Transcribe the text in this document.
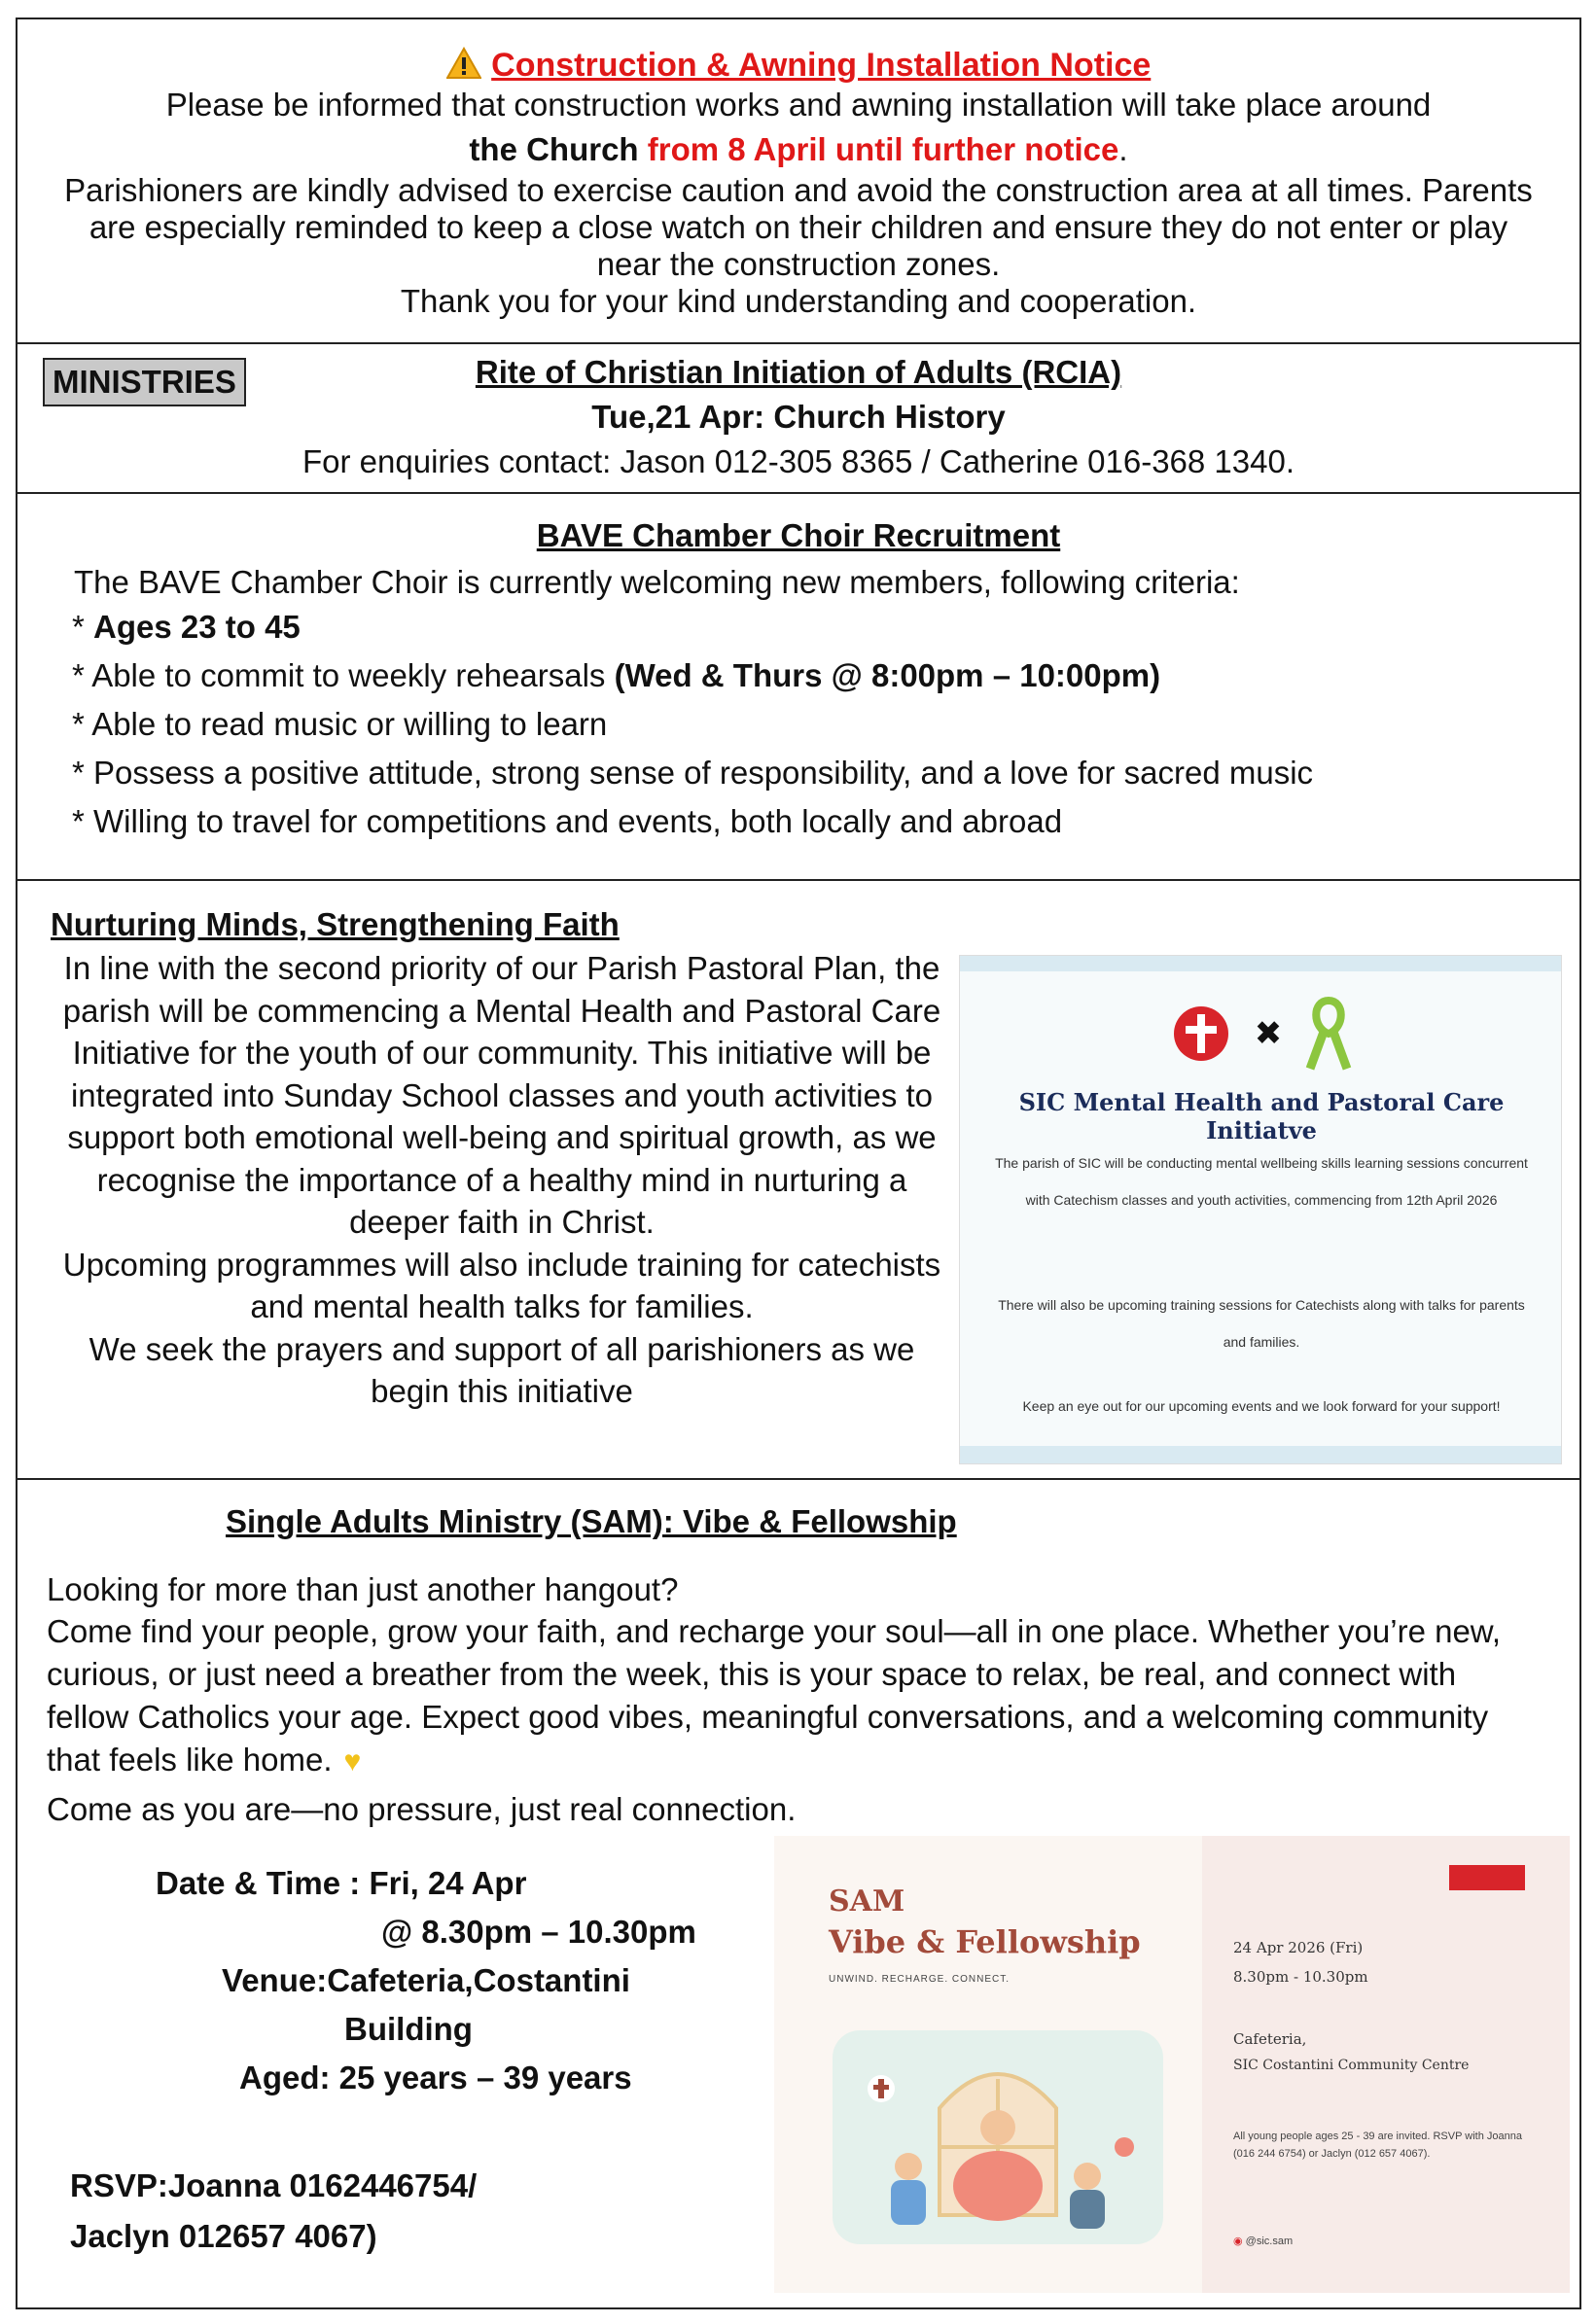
Construction & Awning Installation Notice
Please be informed that construction works and awning installation will take place around
the Church from 8 April until further notice.
Parishioners are kindly advised to exercise caution and avoid the construction area at all times. Parents are especially reminded to keep a close watch on their children and ensure they do not enter or play near the construction zones.
Thank you for your kind understanding and cooperation.
MINISTRIES	Rite of Christian Initiation of Adults (RCIA)
Tue,21 Apr: Church History
For enquiries contact: Jason 012-305 8365 / Catherine 016-368 1340.
BAVE Chamber Choir Recruitment
The BAVE Chamber Choir is currently welcoming new members, following criteria:
* Ages 23 to 45
* Able to commit to weekly rehearsals (Wed & Thurs @ 8:00pm – 10:00pm)
* Able to read music or willing to learn
* Possess a positive attitude, strong sense of responsibility, and a love for sacred music
* Willing to travel for competitions and events, both locally and abroad
Nurturing Minds, Strengthening Faith
In line with the second priority of our Parish Pastoral Plan, the parish will be commencing a Mental Health and Pastoral Care Initiative for the youth of our community. This initiative will be integrated into Sunday School classes and youth activities to support both emotional well-being and spiritual growth, as we recognise the importance of a healthy mind in nurturing a deeper faith in Christ.
Upcoming programmes will also include training for catechists and mental health talks for families.
We seek the prayers and support of all parishioners as we begin this initiative
✖
SIC Mental Health and Pastoral Care Initiatve
The parish of SIC will be conducting mental wellbeing skills learning sessions concurrent with Catechism classes and youth activities, commencing from 12th April 2026
There will also be upcoming training sessions for Catechists along with talks for parents and families.
Keep an eye out for our upcoming events and we look forward for your support!
Single Adults Ministry (SAM): Vibe & Fellowship
Looking for more than just another hangout?
Come find your people, grow your faith, and recharge your soul—all in one place. Whether you’re new, curious, or just need a breather from the week, this is your space to relax, be real, and connect with fellow Catholics your age. Expect good vibes, meaningful conversations, and a welcoming community that feels like home. ♥
Come as you are—no pressure, just real connection.
Date & Time : Fri, 24 Apr
@ 8.30pm – 10.30pm
Venue:Cafeteria,Costantini
Building
Aged: 25 years – 39 years
RSVP:Joanna 0162446754/
Jaclyn 012657 4067)
SAM
Vibe & Fellowship
UNWIND. RECHARGE. CONNECT.
24 Apr 2026 (Fri)
8.30pm - 10.30pm
Cafeteria,
SIC Costantini Community Centre
All young people ages 25 - 39 are invited. RSVP with Joanna (016 244 6754) or Jaclyn (012 657 4067).
◉ @sic.sam
